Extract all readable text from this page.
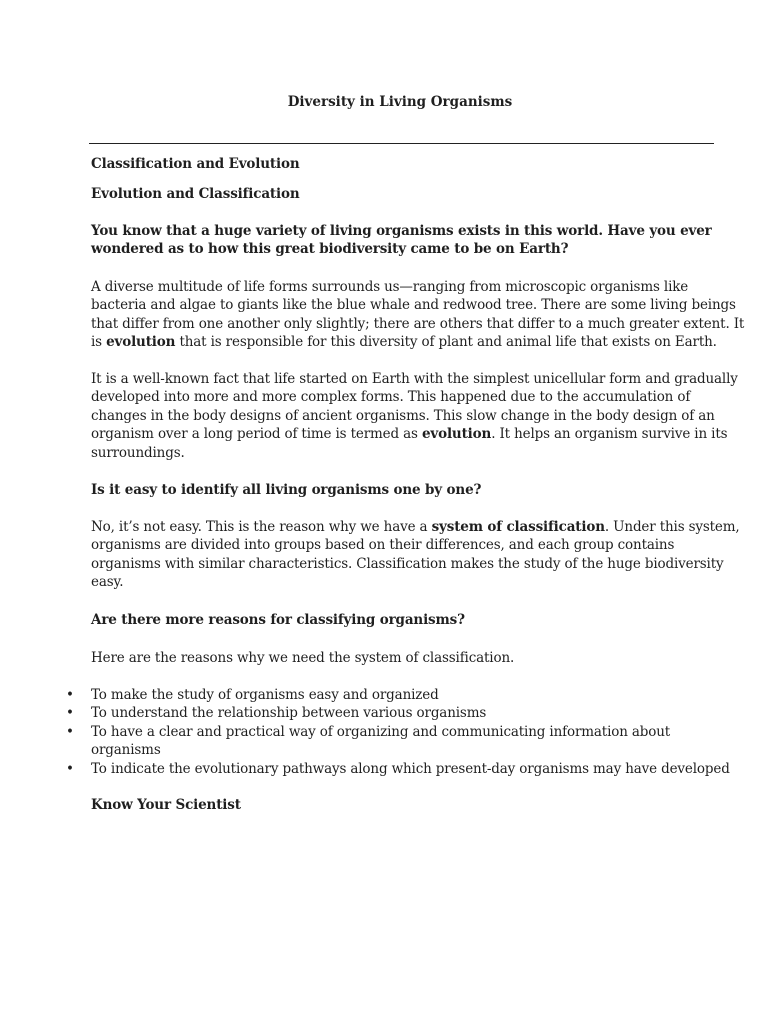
Diversity in Living Organisms
Classification and Evolution
Evolution and Classification
You know that a huge variety of living organisms exists in this world. Have you ever
wondered as to how this great biodiversity came to be on Earth?
A diverse multitude of life forms surrounds us—ranging from microscopic organisms like
bacteria and algae to giants like the blue whale and redwood tree. There are some living beings
that differ from one another only slightly; there are others that differ to a much greater extent. It
is evolution that is responsible for this diversity of plant and animal life that exists on Earth.
It is a well-known fact that life started on Earth with the simplest unicellular form and gradually
developed into more and more complex forms. This happened due to the accumulation of
changes in the body designs of ancient organisms. This slow change in the body design of an
organism over a long period of time is termed as evolution. It helps an organism survive in its
surroundings.
Is it easy to identify all living organisms one by one?
No, it’s not easy. This is the reason why we have a system of classification. Under this system,
organisms are divided into groups based on their differences, and each group contains
organisms with similar characteristics. Classification makes the study of the huge biodiversity
easy.
Are there more reasons for classifying organisms?
Here are the reasons why we need the system of classification.
• To make the study of organisms easy and organized
• To understand the relationship between various organisms
• To have a clear and practical way of organizing and communicating information about
organisms
• To indicate the evolutionary pathways along which present-day organisms may have developed
Know Your Scientist
